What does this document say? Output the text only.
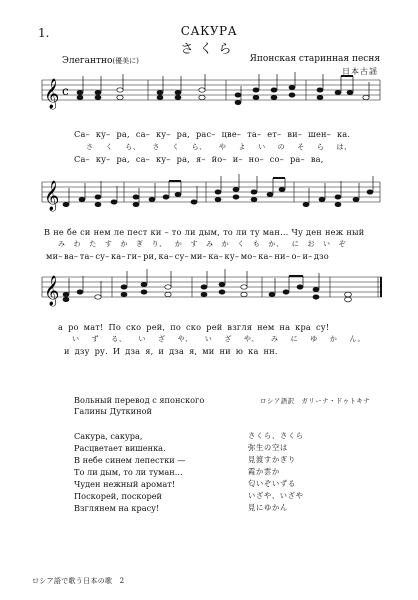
1.	САКУРА
さくら
Японская старинная песня
日本古謡
Элегантно(優美に)
𝄞 c
Са– ку– ра, са– ку– ра, рас– цве– та– ет– ви– шен– ка.
さ く ら、 さ く ら、 や よ い の そ ら は、
Са– ку– ра, са– ку– ра, я– йо– и– но– со– ра– ва,
𝄞
В не бе си нем ле пест ки – то ли дым, то ли ту ман... Чу ден неж ный
み わ た す か ぎ り、 か す み か く も か、 に お い ぞ
ми– ва– та– су– ка– ги– ри, ка– су– ми– ка– ку– мо– ка– ни– о– и– дзо
𝄞
а ро мат! По ско рей, по ско рей взгля нем на кра су!
い ず る、 い ざ や、 い ざ や、 み に ゆ か ん。
и дзу ру. И дза я, и дза я, ми ни ю ка нн.
Вольный перевод с японского
Галины Дуткиной
ロシア語訳　ガリーナ・ドゥトキナ
Сакура, сакура,
Расцветает вишенка.
В небе синем лепестки —
То ли дым, то ли туман...
Чуден нежный аромат!
Поскорей, поскорей
Взглянем на красу!
さくら、さくら
弥生の空は
見渡すかぎり
霞か雲か
匂いぞいずる
いざや、いざや
見にゆかん
ロシア語で歌う日本の歌　2
